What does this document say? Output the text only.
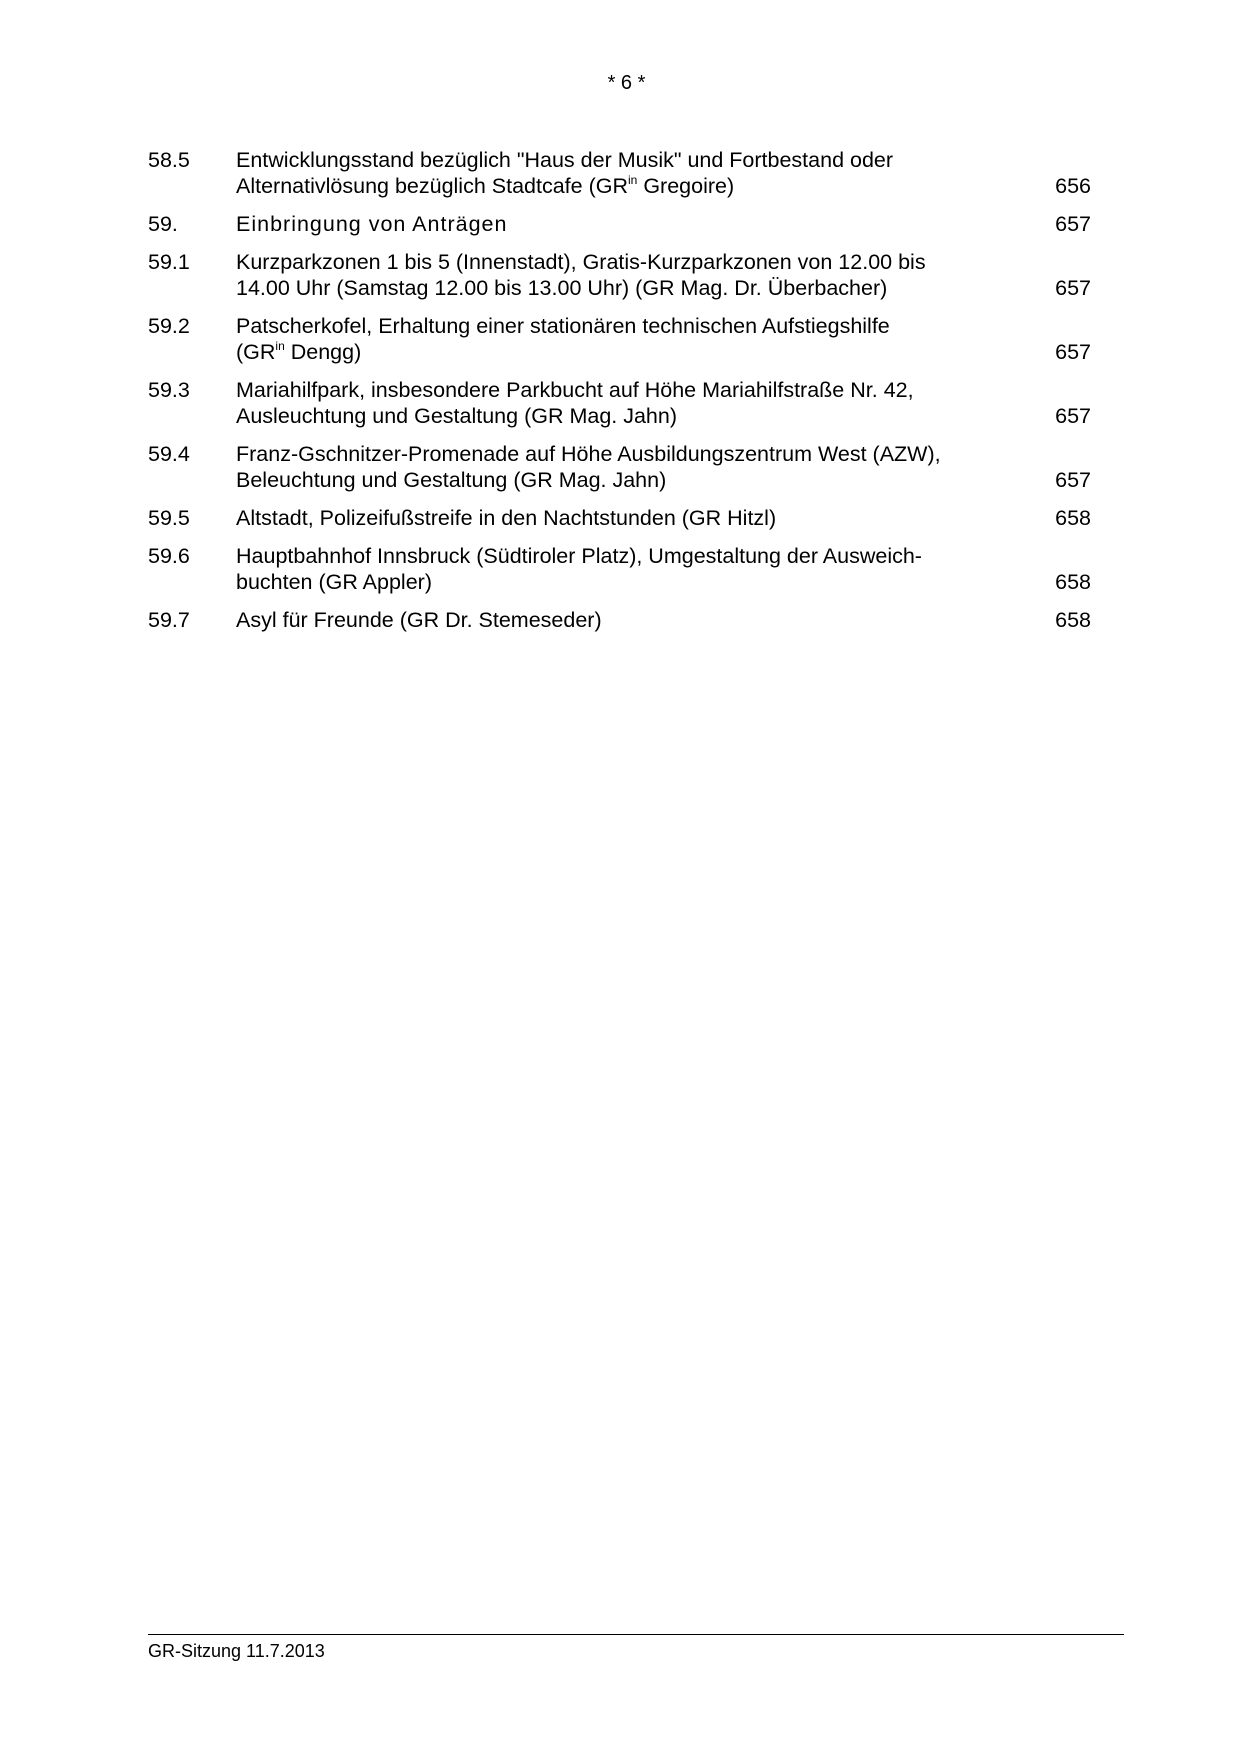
* 6 *
58.5 Entwicklungsstand bezüglich "Haus der Musik" und Fortbestand oder
Alternativlösung bezüglich Stadtcafe ($GR^{in}$ Gregoire)	656
59.	Einbringung von Anträgen	657
59.1 Kurzparkzonen 1 bis 5 (Innenstadt), Gratis-Kurzparkzonen von 12.00 bis
14.00 Uhr (Samstag 12.00 bis 13.00 Uhr) (GR Mag. Dr. Überbacher)	657
59.2 Patscherkofel, Erhaltung einer stationären technischen Aufstiegshilfe
($GR^{in}$ Dengg)	657
59.3 Mariahilfpark, insbesondere Parkbucht auf Höhe Mariahilfstraße Nr. 42,
Ausleuchtung und Gestaltung (GR Mag. Jahn)	657
59.4 Franz-Gschnitzer-Promenade auf Höhe Ausbildungszentrum West (AZW),
Beleuchtung und Gestaltung (GR Mag. Jahn)	657
59.5 Altstadt, Polizeifußstreife in den Nachtstunden (GR Hitzl)	658
59.6 Hauptbahnhof Innsbruck (Südtiroler Platz), Umgestaltung der Ausweich-
buchten (GR Appler)	658
59.7 Asyl für Freunde (GR Dr. Stemeseder)	658
GR-Sitzung 11.7.2013
